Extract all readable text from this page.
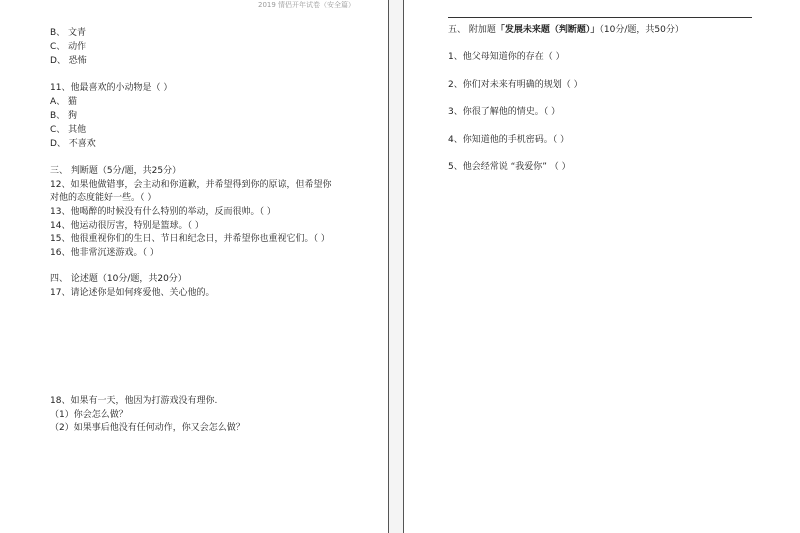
2019 情侣开年试卷（安全篇）
B、 文青
C、 动作
D、 恐怖
11、他最喜欢的小动物是（ ）
A、 猫
B、 狗
C、 其他
D、 不喜欢
三、 判断题（5分/题，共25分）
12、如果他做错事，会主动和你道歉，并希望得到你的原谅，但希望你
对他的态度能好一些。（ ）
13、他喝醉的时候没有什么特别的举动，反而很帅。（ ）
14、他运动很厉害，特别是篮球。（ ）
15、他很重视你们的生日、节日和纪念日，并希望你也重视它们。（ ）
16、他非常沉迷游戏。（ ）
四、 论述题（10分/题，共20分）
17、请论述你是如何疼爱他、关心他的。
18、如果有一天，他因为打游戏没有理你.
（1）你会怎么做？
（2）如果事后他没有任何动作，你又会怎么做？
五、 附加题「发展未来题（判断题）」（10分/题，共50分）
1、他父母知道你的存在（ ）
2、你们对未来有明确的规划（ ）
3、你很了解他的情史。（ ）
4、你知道他的手机密码。（ ）
5、他会经常说 “我爱你” （ ）
